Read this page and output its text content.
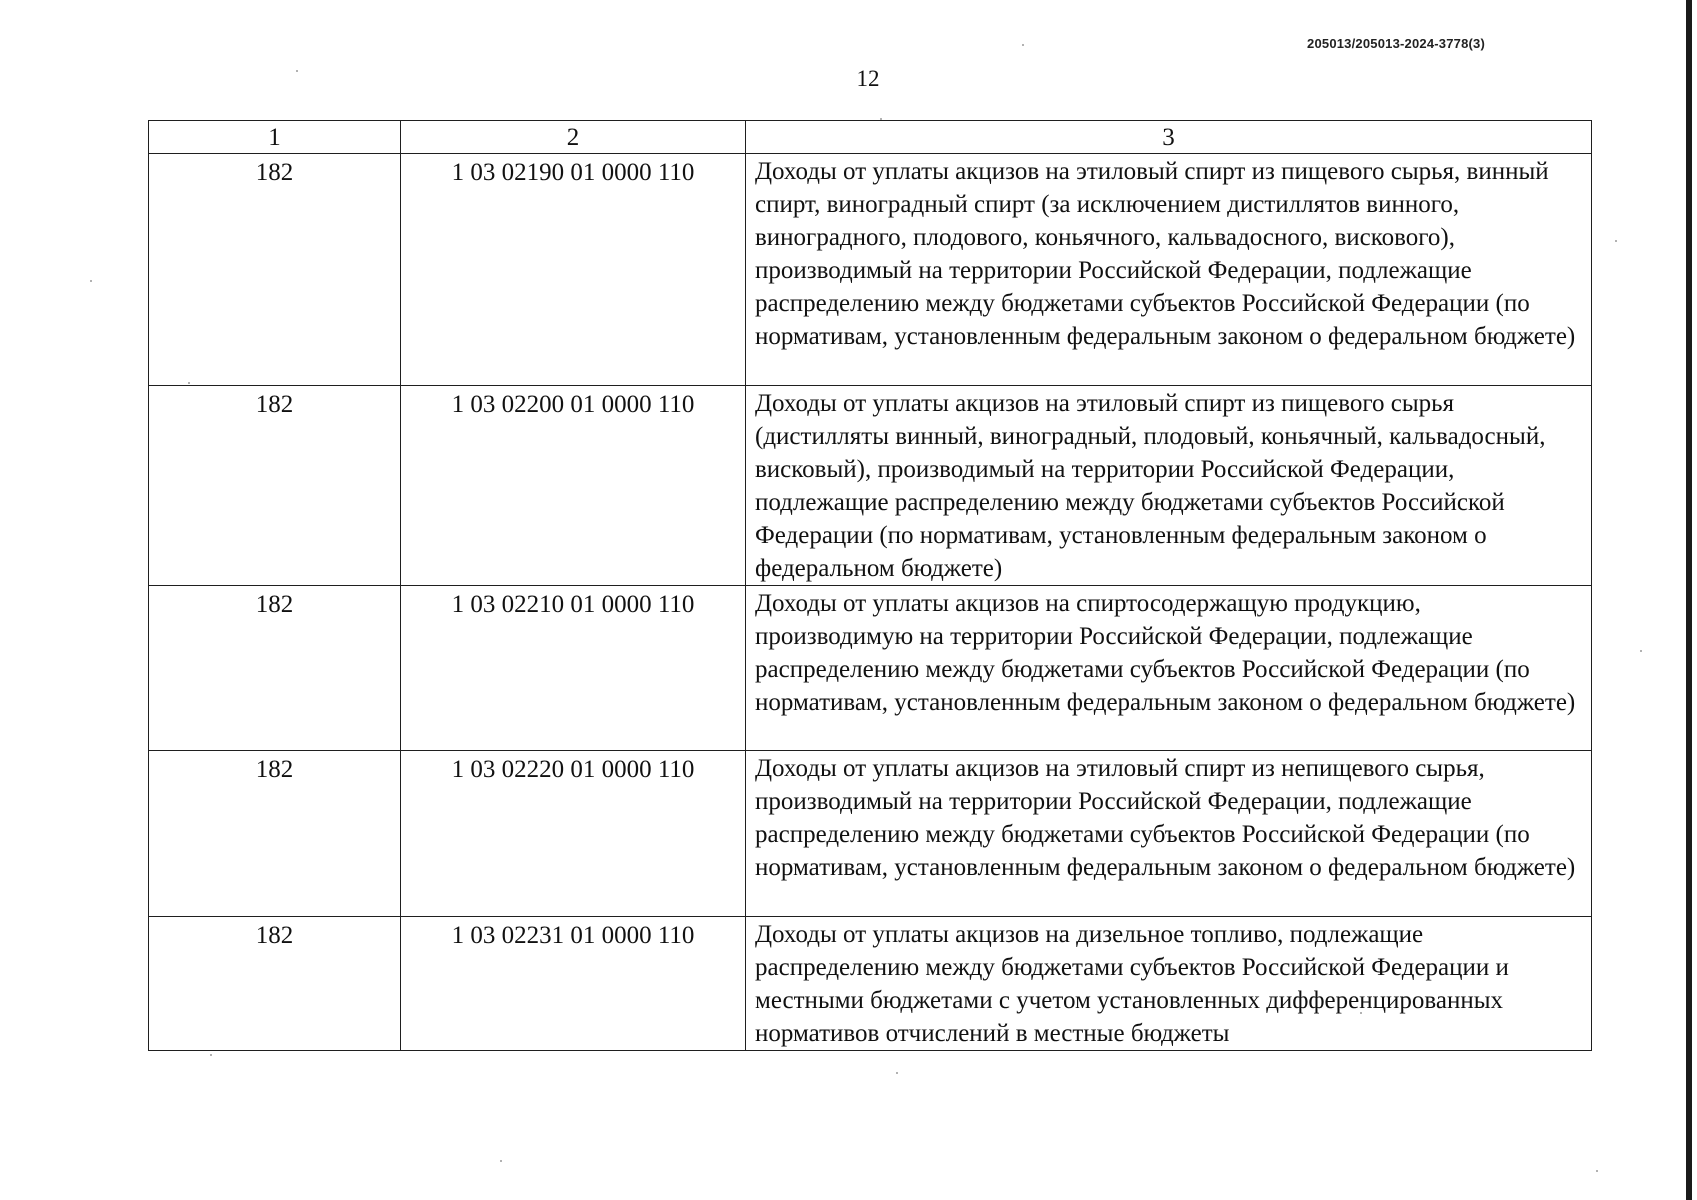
205013/205013-2024-3778(3)
12
1	2	3
182	1 03 02190 01 0000 110	Доходы от уплаты акцизов на этиловый спирт из пищевого сырья, винный спирт, виноградный спирт (за исключением дистиллятов винного, виноградного, плодового, коньячного, кальвадосного, вискового), производимый на территории Российской Федерации, подлежащие распределению между бюджетами субъектов Российской Федерации (по нормативам, установленным федеральным законом о федеральном бюджете)
182	1 03 02200 01 0000 110	Доходы от уплаты акцизов на этиловый спирт из пищевого сырья (дистилляты винный, виноградный, плодовый, коньячный, кальвадосный, висковый), производимый на территории Российской Федерации, подлежащие распределению между бюджетами субъектов Российской Федерации (по нормативам, установленным федеральным законом о федеральном бюджете)
182	1 03 02210 01 0000 110	Доходы от уплаты акцизов на спиртосодержащую продукцию, производимую на территории Российской Федерации, подлежащие распределению между бюджетами субъектов Российской Федерации (по нормативам, установленным федеральным законом о федеральном бюджете)
182	1 03 02220 01 0000 110	Доходы от уплаты акцизов на этиловый спирт из непищевого сырья, производимый на территории Российской Федерации, подлежащие распределению между бюджетами субъектов Российской Федерации (по нормативам, установленным федеральным законом о федеральном бюджете)
182	1 03 02231 01 0000 110	Доходы от уплаты акцизов на дизельное топливо, подлежащие распределению между бюджетами субъектов Российской Федерации и местными бюджетами с учетом установленных дифференцированных нормативов отчислений в местные бюджеты
